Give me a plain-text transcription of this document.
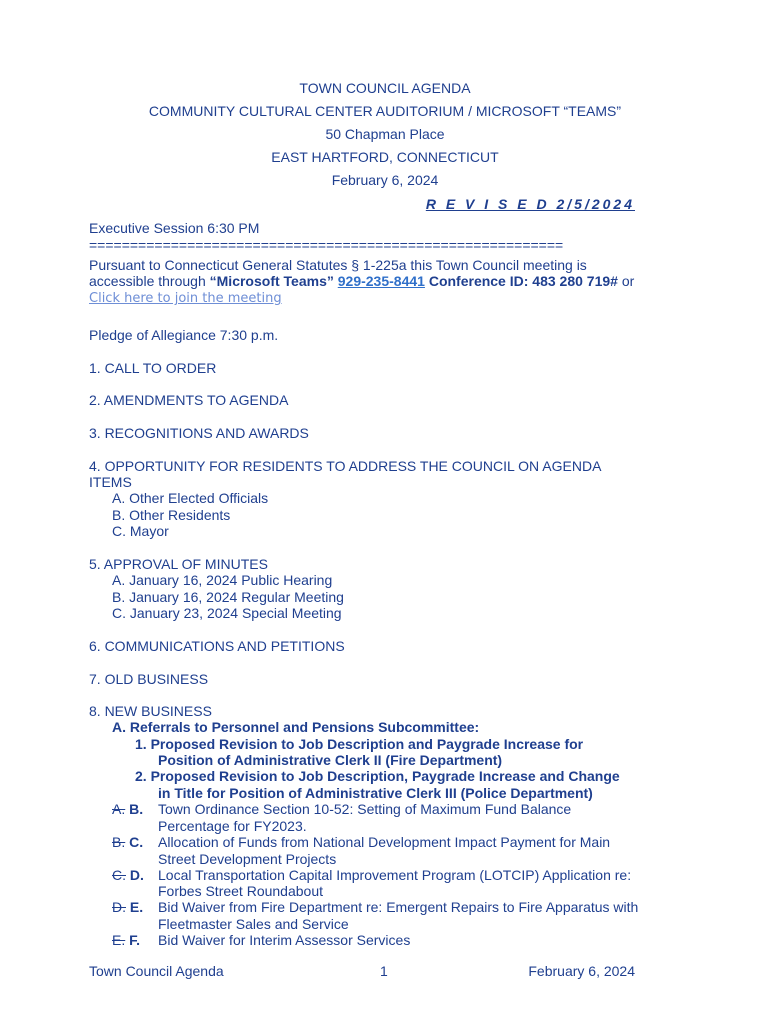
TOWN COUNCIL AGENDA
COMMUNITY CULTURAL CENTER AUDITORIUM / MICROSOFT “TEAMS”
50 Chapman Place
EAST HARTFORD, CONNECTICUT
February 6, 2024
R E V I S E D 2/5/2024
Executive Session 6:30 PM
==========================================================
Pursuant to Connecticut General Statutes § 1-225a this Town Council meeting is
accessible through “Microsoft Teams” 929-235-8441 Conference ID: 483 280 719# or
Click here to join the meeting
Pledge of Allegiance 7:30 p.m.
1. CALL TO ORDER
2. AMENDMENTS TO AGENDA
3. RECOGNITIONS AND AWARDS
4. OPPORTUNITY FOR RESIDENTS TO ADDRESS THE COUNCIL ON AGENDA
ITEMS
A. Other Elected Officials
B. Other Residents
C. Mayor
5. APPROVAL OF MINUTES
A. January 16, 2024 Public Hearing
B. January 16, 2024 Regular Meeting
C. January 23, 2024 Special Meeting
6. COMMUNICATIONS AND PETITIONS
7. OLD BUSINESS
8. NEW BUSINESS
A. Referrals to Personnel and Pensions Subcommittee:
1. Proposed Revision to Job Description and Paygrade Increase for
Position of Administrative Clerk II (Fire Department)
2. Proposed Revision to Job Description, Paygrade Increase and Change
in Title for Position of Administrative Clerk III (Police Department)
A. B. Town Ordinance Section 10-52: Setting of Maximum Fund Balance
Percentage for FY2023.
B. C. Allocation of Funds from National Development Impact Payment for Main
Street Development Projects
C. D. Local Transportation Capital Improvement Program (LOTCIP) Application re:
Forbes Street Roundabout
D. E. Bid Waiver from Fire Department re: Emergent Repairs to Fire Apparatus with
Fleetmaster Sales and Service
E. F. Bid Waiver for Interim Assessor Services
Town Council Agenda	1	February 6, 2024
